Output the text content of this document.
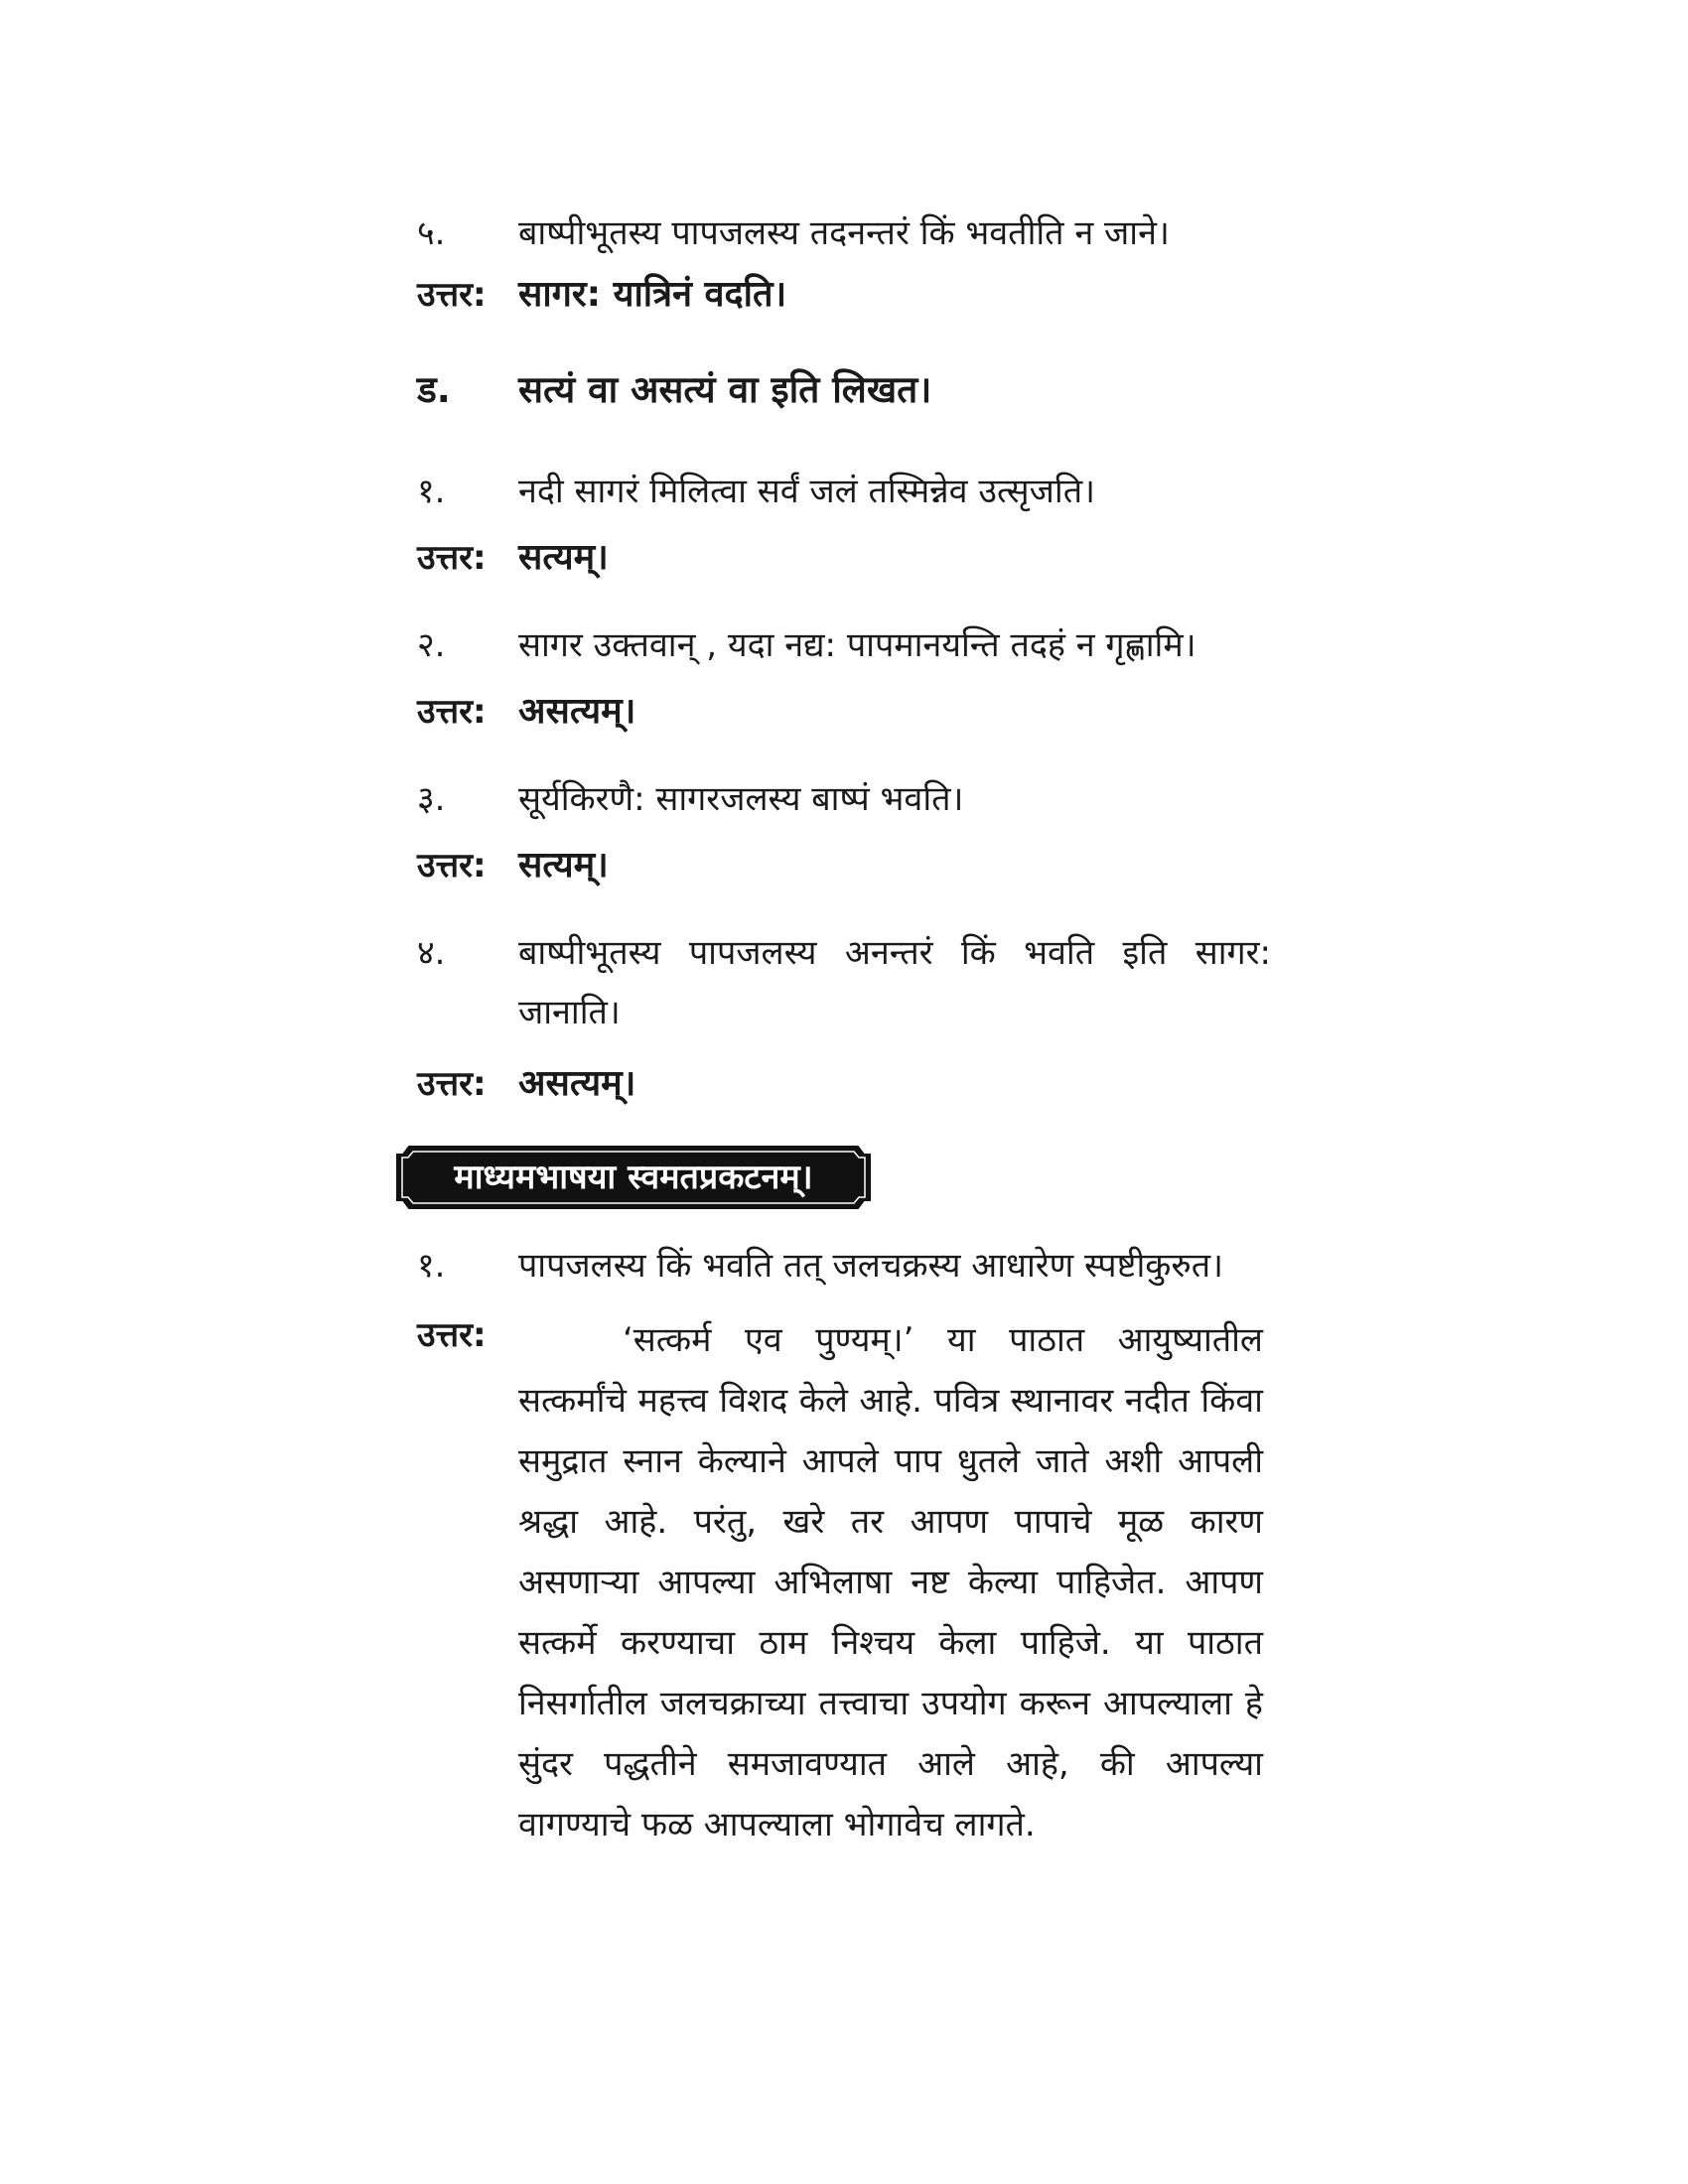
५.	बाष्पीभूतस्य पापजलस्य तदनन्तरं किं भवतीति न जाने।
उत्तर: सागर: यात्रिनं वदति।
ड.	सत्यं वा असत्यं वा इति लिखत।
१.	नदी सागरं मिलित्वा सर्वं जलं तस्मिन्नेव उत्सृजति।
उत्तर: सत्यम्।
२.	सागर उक्तवान् , यदा नद्य: पापमानयन्ति तदहं न गृह्णामि।
उत्तर: असत्यम्।
३.	सूर्यकिरणै: सागरजलस्य बाष्पं भवति।
उत्तर: सत्यम्।
४.	बाष्पीभूतस्य पापजलस्य अनन्तरं किं भवति इति सागर: जानाति।
उत्तर: असत्यम्।
माध्यमभाषया स्वमतप्रकटनम्।
१.	पापजलस्य किं भवति तत् जलचक्रस्य आधारेण स्पष्टीकुरुत।
उत्तर:	‘सत्कर्म एव पुण्यम्।’ या पाठात आयुष्यातील सत्कर्मांचे महत्त्व विशद केले आहे. पवित्र स्थानावर नदीत किंवा समुद्रात स्नान केल्याने आपले पाप धुतले जाते अशी आपली श्रद्धा आहे. परंतु, खरे तर आपण पापाचे मूळ कारण असणाऱ्या आपल्या अभिलाषा नष्ट केल्या पाहिजेत. आपण सत्कर्मे करण्याचा ठाम निश्चय केला पाहिजे. या पाठात निसर्गातील जलचक्राच्या तत्त्वाचा उपयोग करून आपल्याला हे सुंदर पद्धतीने समजावण्यात आले आहे, की आपल्या वागण्याचे फळ आपल्याला भोगावेच लागते.
